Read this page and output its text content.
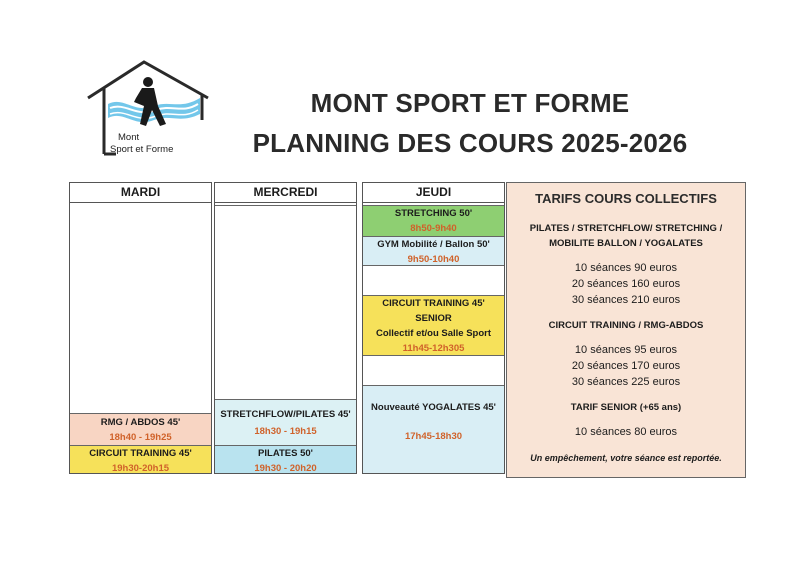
Mont
Sport et Forme
MONT SPORT ET FORME
PLANNING DES COURS 2025-2026
MARDI
RMG / ABDOS 45'
18h40 - 19h25
CIRCUIT TRAINING 45'
19h30-20h15
MERCREDI
STRETCHFLOW/PILATES 45'
18h30 - 19h15
PILATES 50'
19h30 - 20h20
JEUDI
STRETCHING 50'
8h50-9h40
GYM Mobilité / Ballon 50'
9h50-10h40
CIRCUIT TRAINING 45'
SENIOR
Collectif et/ou Salle Sport
11h45-12h305
Nouveauté YOGALATES 45'
17h45-18h30
TARIFS COURS COLLECTIFS
PILATES / STRETCHFLOW/ STRETCHING /
MOBILITE BALLON / YOGALATES
10 séances 90 euros
20 séances 160 euros
30 séances 210 euros
CIRCUIT TRAINING / RMG-ABDOS
10 séances 95 euros
20 séances 170 euros
30 séances 225 euros
TARIF SENIOR (+65 ans)
10 séances 80 euros
Un empêchement, votre séance est reportée.
